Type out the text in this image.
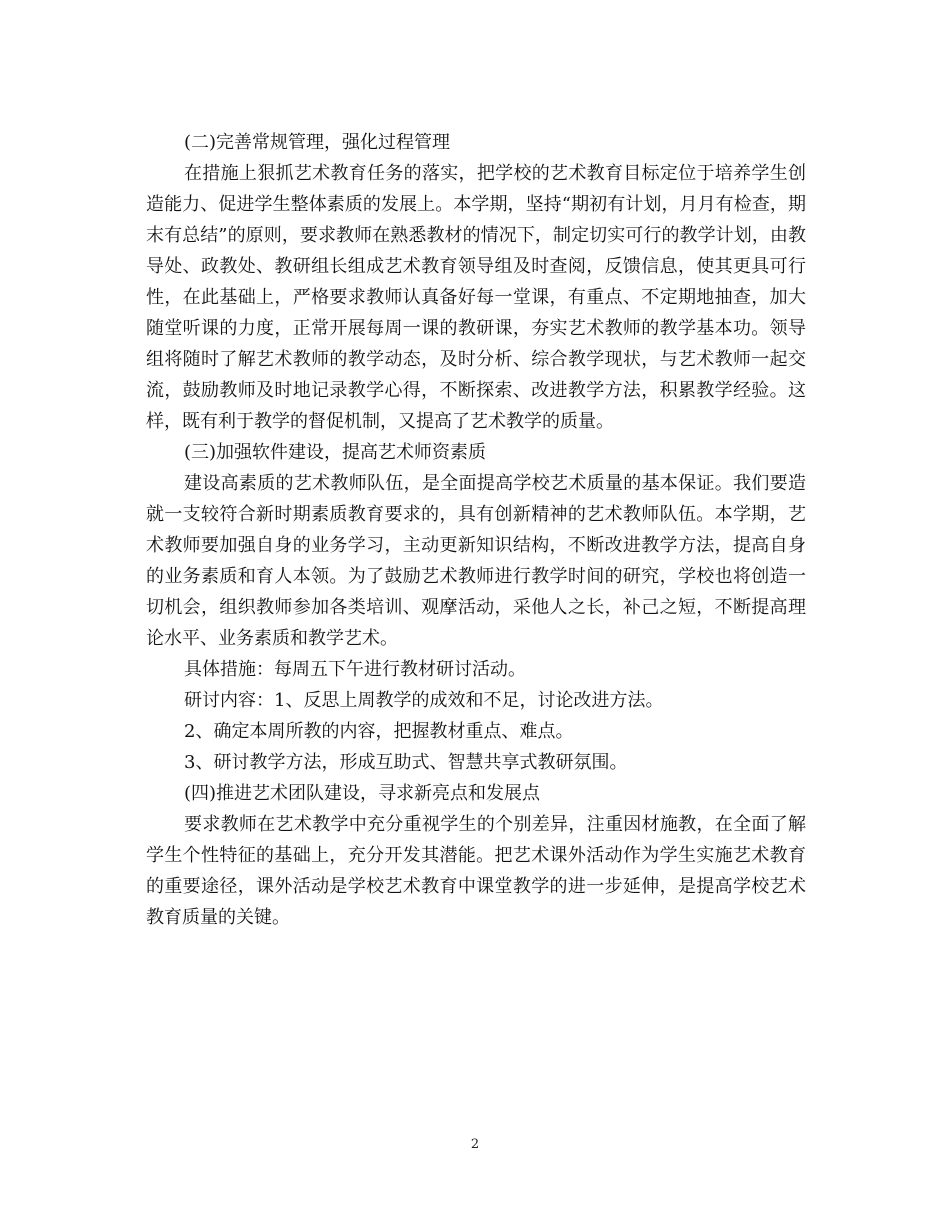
(二)完善常规管理，强化过程管理

在措施上狠抓艺术教育任务的落实，把学校的艺术教育目标定位于培养学生创造能力、促进学生整体素质的发展上。本学期，坚持“期初有计划，月月有检查，期末有总结”的原则，要求教师在熟悉教材的情况下，制定切实可行的教学计划，由教导处、政教处、教研组长组成艺术教育领导组及时查阅，反馈信息，使其更具可行性，在此基础上，严格要求教师认真备好每一堂课，有重点、不定期地抽查，加大随堂听课的力度，正常开展每周一课的教研课，夯实艺术教师的教学基本功。领导组将随时了解艺术教师的教学动态，及时分析、综合教学现状，与艺术教师一起交流，鼓励教师及时地记录教学心得，不断探索、改进教学方法，积累教学经验。这样，既有利于教学的督促机制，又提高了艺术教学的质量。

(三)加强软件建设，提高艺术师资素质

建设高素质的艺术教师队伍，是全面提高学校艺术质量的基本保证。我们要造就一支较符合新时期素质教育要求的，具有创新精神的艺术教师队伍。本学期，艺术教师要加强自身的业务学习，主动更新知识结构，不断改进教学方法，提高自身的业务素质和育人本领。为了鼓励艺术教师进行教学时间的研究，学校也将创造一切机会，组织教师参加各类培训、观摩活动，采他人之长，补己之短，不断提高理论水平、业务素质和教学艺术。

具体措施：每周五下午进行教材研讨活动。

研讨内容：1、反思上周教学的成效和不足，讨论改进方法。

2、确定本周所教的内容，把握教材重点、难点。

3、研讨教学方法，形成互助式、智慧共享式教研氛围。

(四)推进艺术团队建设，寻求新亮点和发展点

要求教师在艺术教学中充分重视学生的个别差异，注重因材施教，在全面了解学生个性特征的基础上，充分开发其潜能。把艺术课外活动作为学生实施艺术教育的重要途径，课外活动是学校艺术教育中课堂教学的进一步延伸，是提高学校艺术教育质量的关键。

2
